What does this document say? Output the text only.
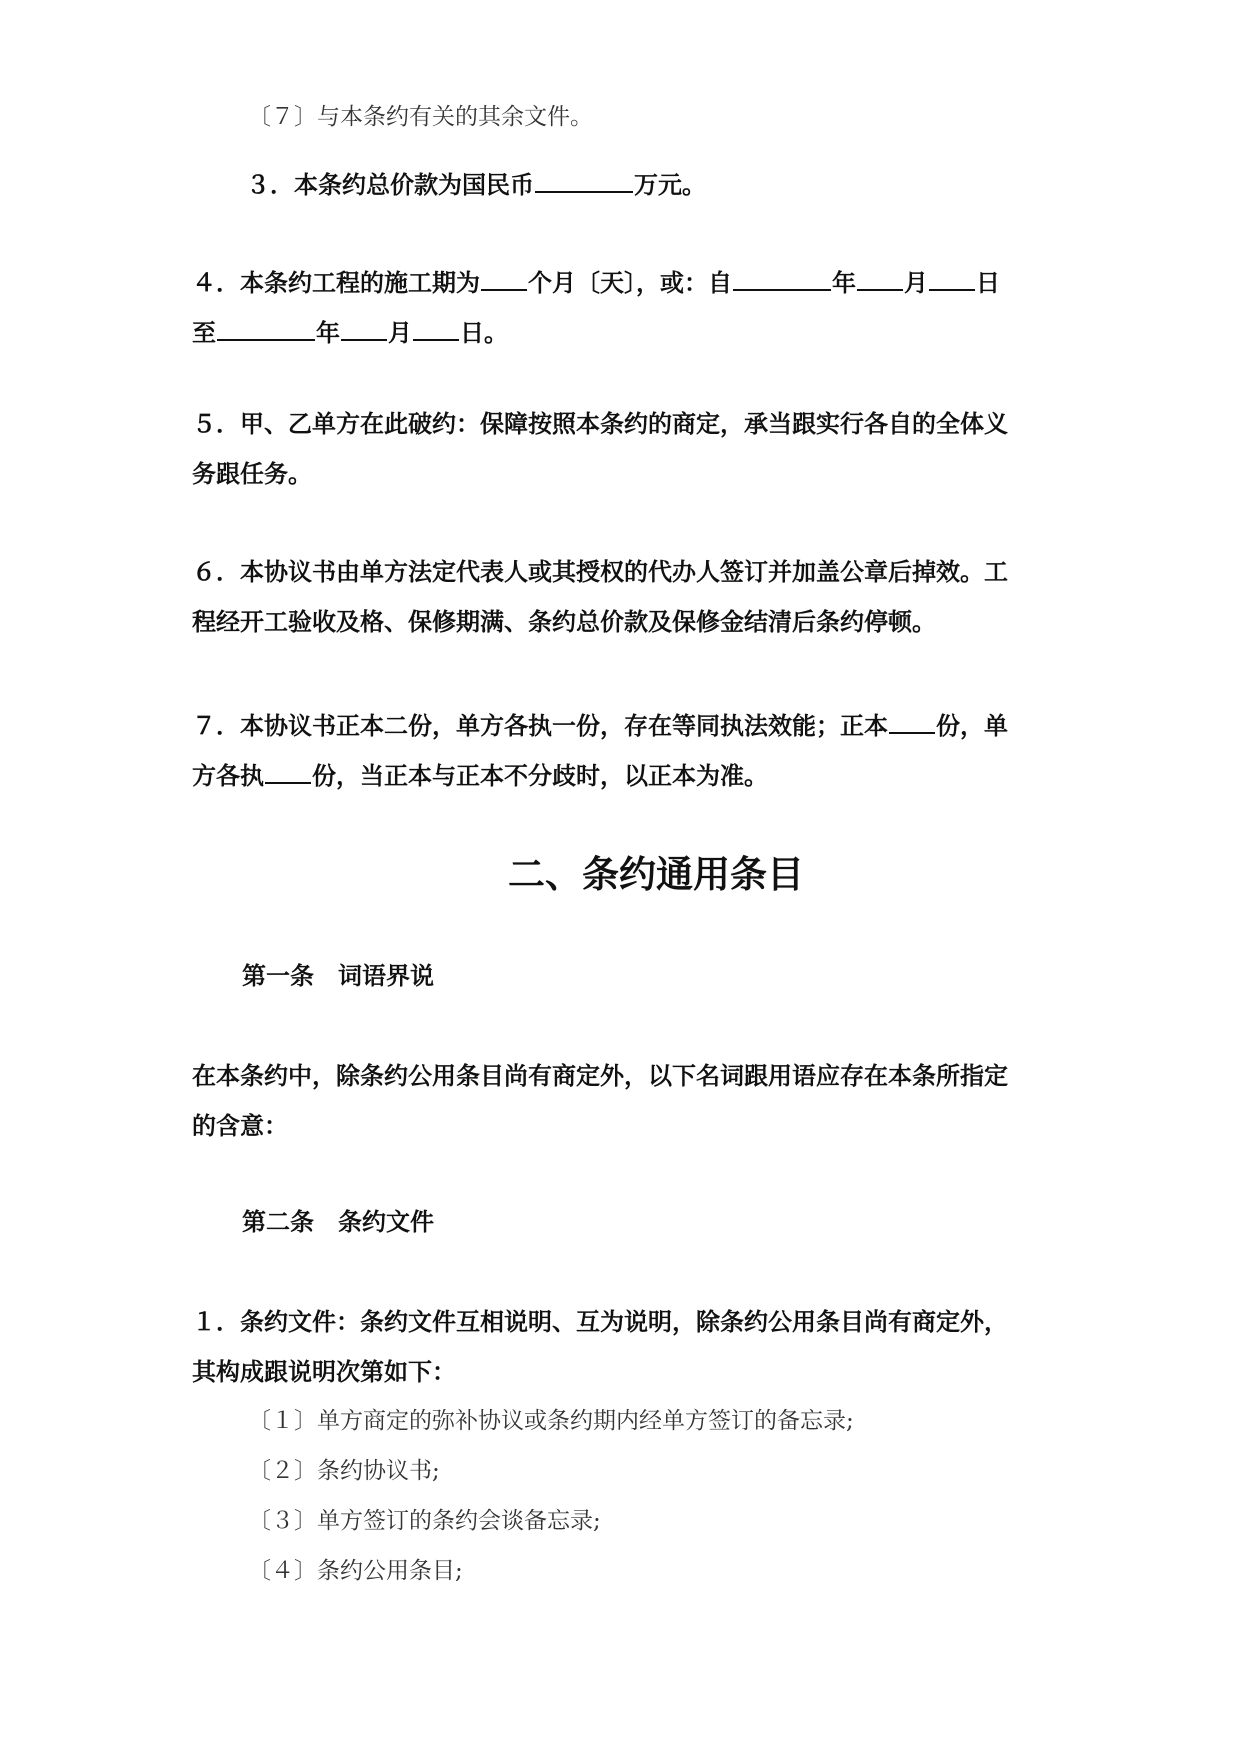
〔７〕与本条约有关的其余文件。
３．本条约总价款为国民币	万元。
４．本条约工程的施工期为 个月〔天〕，或：自	年 月 日
至	年 月 日。
５．甲、乙单方在此破约：保障按照本条约的商定，承当跟实行各自的全体义
务跟任务。
６．本协议书由单方法定代表人或其授权的代办人签订并加盖公章后掉效。工
程经开工验收及格、保修期满、条约总价款及保修金结清后条约停顿。
７．本协议书正本二份，单方各执一份，存在等同执法效能；正本 份，单
方各执 份，当正本与正本不分歧时，以正本为准。
二、条约通用条目
第一条　词语界说
在本条约中，除条约公用条目尚有商定外，以下名词跟用语应存在本条所指定
的含意：
第二条　条约文件
１．条约文件：条约文件互相说明、互为说明，除条约公用条目尚有商定外，
其构成跟说明次第如下：
〔１〕单方商定的弥补协议或条约期内经单方签订的备忘录;
〔２〕条约协议书;
〔３〕单方签订的条约会谈备忘录;
〔４〕条约公用条目;
